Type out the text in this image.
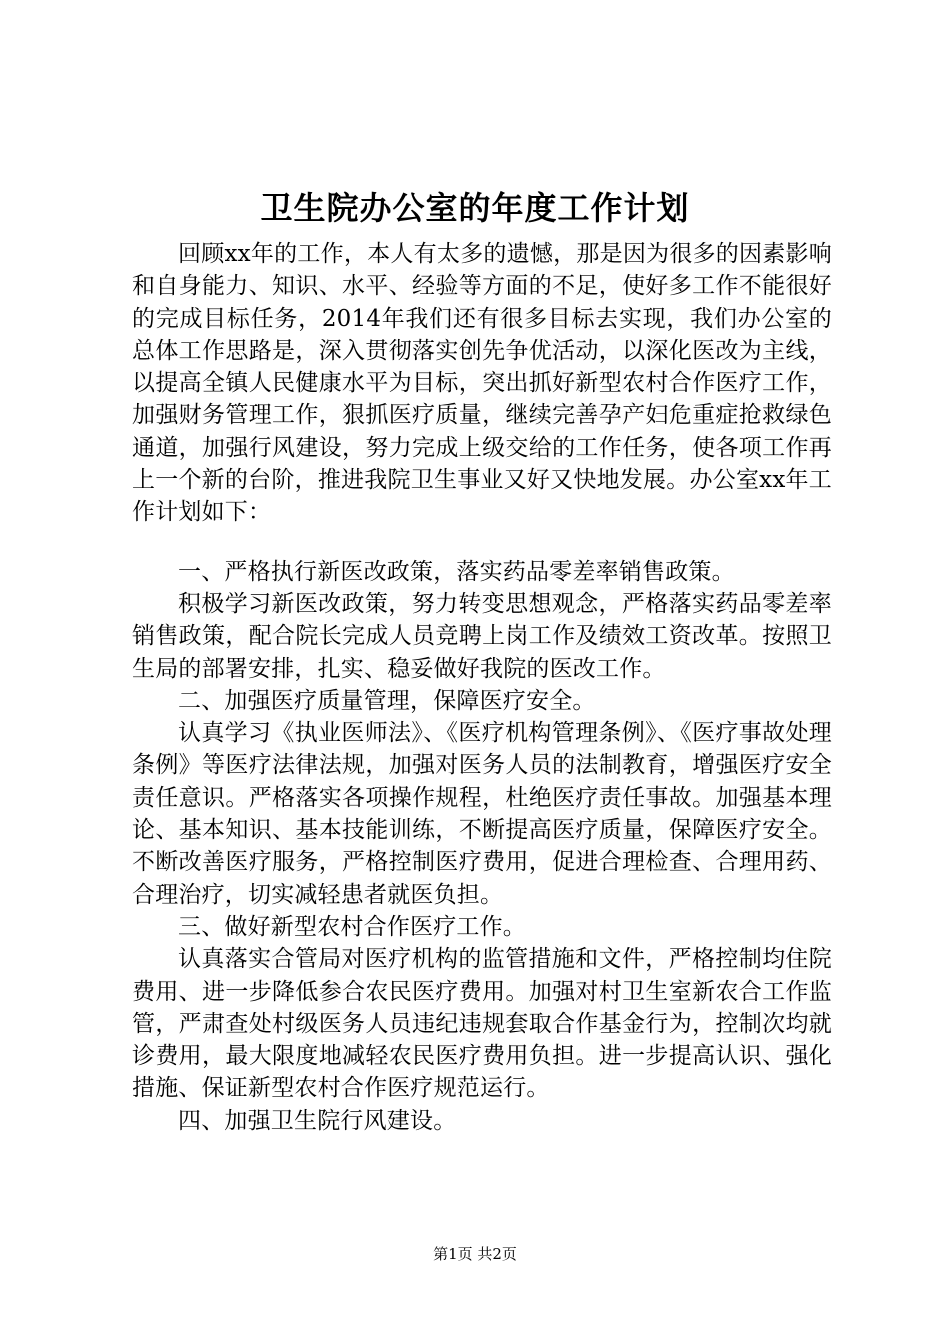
卫生院办公室的年度工作计划

回顾xx年的工作，本人有太多的遗憾，那是因为很多的因素影响和自身能力、知识、水平、经验等方面的不足，使好多工作不能很好的完成目标任务，2014年我们还有很多目标去实现，我们办公室的总体工作思路是，深入贯彻落实创先争优活动，以深化医改为主线，以提高全镇人民健康水平为目标，突出抓好新型农村合作医疗工作，加强财务管理工作，狠抓医疗质量，继续完善孕产妇危重症抢救绿色通道，加强行风建设，努力完成上级交给的工作任务，使各项工作再上一个新的台阶，推进我院卫生事业又好又快地发展。办公室xx年工作计划如下：

一、严格执行新医改政策，落实药品零差率销售政策。

积极学习新医改政策，努力转变思想观念，严格落实药品零差率销售政策，配合院长完成人员竞聘上岗工作及绩效工资改革。按照卫生局的部署安排，扎实、稳妥做好我院的医改工作。

二、加强医疗质量管理，保障医疗安全。

认真学习《执业医师法》、《医疗机构管理条例》、《医疗事故处理条例》等医疗法律法规，加强对医务人员的法制教育，增强医疗安全责任意识。严格落实各项操作规程，杜绝医疗责任事故。加强基本理论、基本知识、基本技能训练，不断提高医疗质量，保障医疗安全。不断改善医疗服务，严格控制医疗费用，促进合理检查、合理用药、合理治疗，切实减轻患者就医负担。

三、做好新型农村合作医疗工作。

认真落实合管局对医疗机构的监管措施和文件，严格控制均住院费用、进一步降低参合农民医疗费用。加强对村卫生室新农合工作监管，严肃查处村级医务人员违纪违规套取合作基金行为，控制次均就诊费用，最大限度地减轻农民医疗费用负担。进一步提高认识、强化措施、保证新型农村合作医疗规范运行。

四、加强卫生院行风建设。

第1页 共2页
